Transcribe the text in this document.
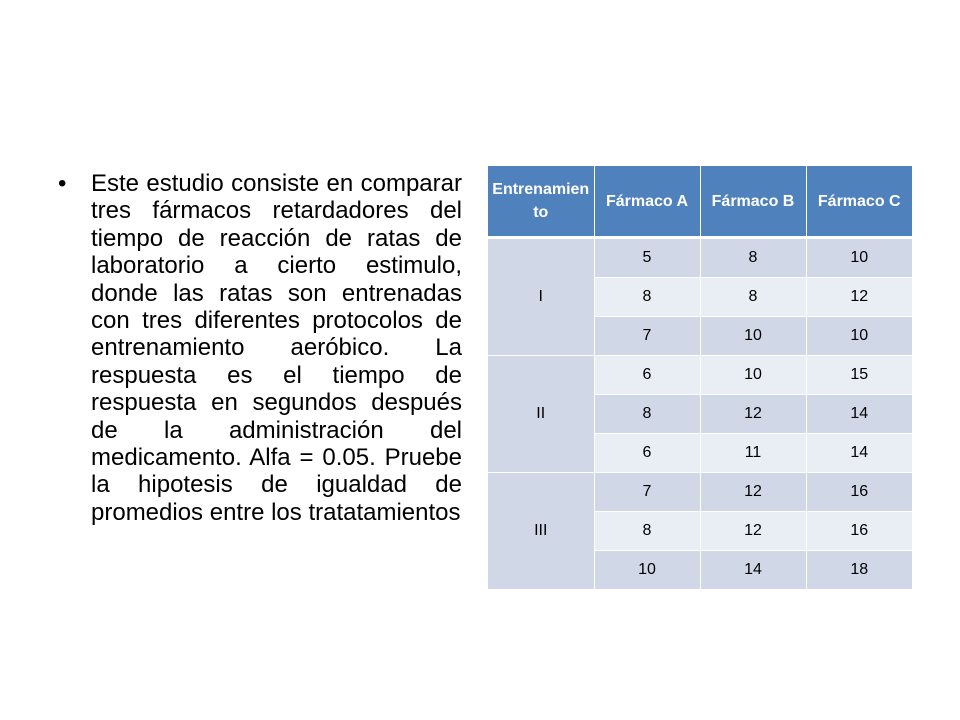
•	Este estudio consiste en comparar tres fármacos retardadores del tiempo de reacción de ratas de laboratorio a cierto estimulo, donde las ratas son entrenadas con tres diferentes protocolos de entrenamiento aeróbico. La respuesta es el tiempo de respuesta en segundos después de la administración del medicamento. Alfa = 0.05. Pruebe la hipotesis de igualdad de promedios entre los tratatamientos

Entrenamiento	Fármaco A	Fármaco B	Fármaco C
I	5	8	10
	8	8	12
	7	10	10
II	6	10	15
	8	12	14
	6	11	14
III	7	12	16
	8	12	16
	10	14	18
